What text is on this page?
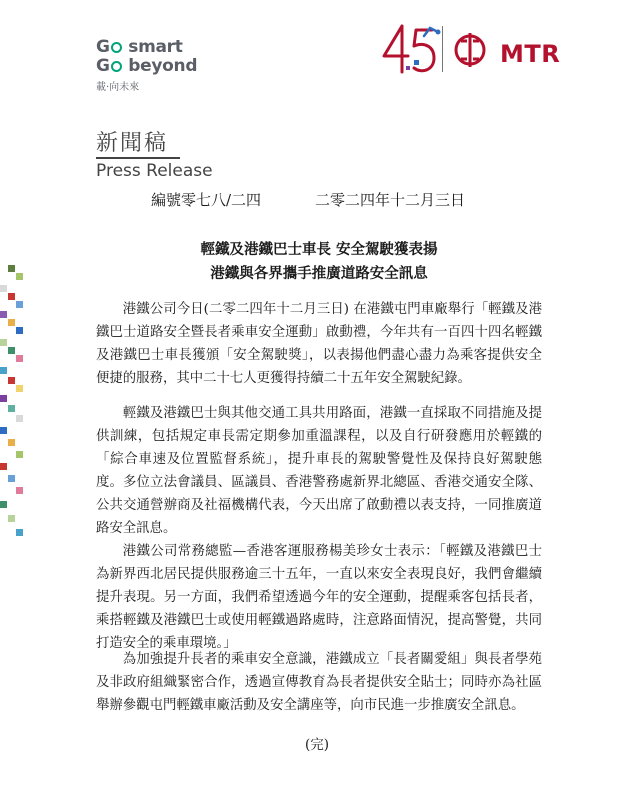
G smart
G beyond
載‧向未來
MTR
新聞稿
Press Release
編號零七八/二四	二零二四年十二月三日
輕鐵及港鐵巴士車長 安全駕駛獲表揚
港鐵與各界攜手推廣道路安全訊息

港鐵公司今日(二零二四年十二月三日) 在港鐵屯門車廠舉行「輕鐵及港鐵巴士道路安全暨長者乘車安全運動」啟動禮，今年共有一百四十四名輕鐵及港鐵巴士車長獲頒「安全駕駛獎」，以表揚他們盡心盡力為乘客提供安全便捷的服務，其中二十七人更獲得持續二十五年安全駕駛紀錄。

輕鐵及港鐵巴士與其他交通工具共用路面，港鐵一直採取不同措施及提供訓練，包括規定車長需定期參加重溫課程，以及自行研發應用於輕鐵的「綜合車速及位置監督系統」，提升車長的駕駛警覺性及保持良好駕駛態度。多位立法會議員、區議員、香港警務處新界北總區、香港交通安全隊、公共交通營辦商及社福機構代表，今天出席了啟動禮以表支持，一同推廣道路安全訊息。

港鐵公司常務總監—香港客運服務楊美珍女士表示：「輕鐵及港鐵巴士為新界西北居民提供服務逾三十五年，一直以來安全表現良好，我們會繼續提升表現。另一方面，我們希望透過今年的安全運動，提醒乘客包括長者，乘搭輕鐵及港鐵巴士或使用輕鐵過路處時，注意路面情況，提高警覺，共同打造安全的乘車環境。」

為加強提升長者的乘車安全意識，港鐵成立「長者關愛組」與長者學苑及非政府組織緊密合作，透過宣傳教育為長者提供安全貼士；同時亦為社區舉辦參觀屯門輕鐵車廠活動及安全講座等，向市民進一步推廣安全訊息。

(完)
